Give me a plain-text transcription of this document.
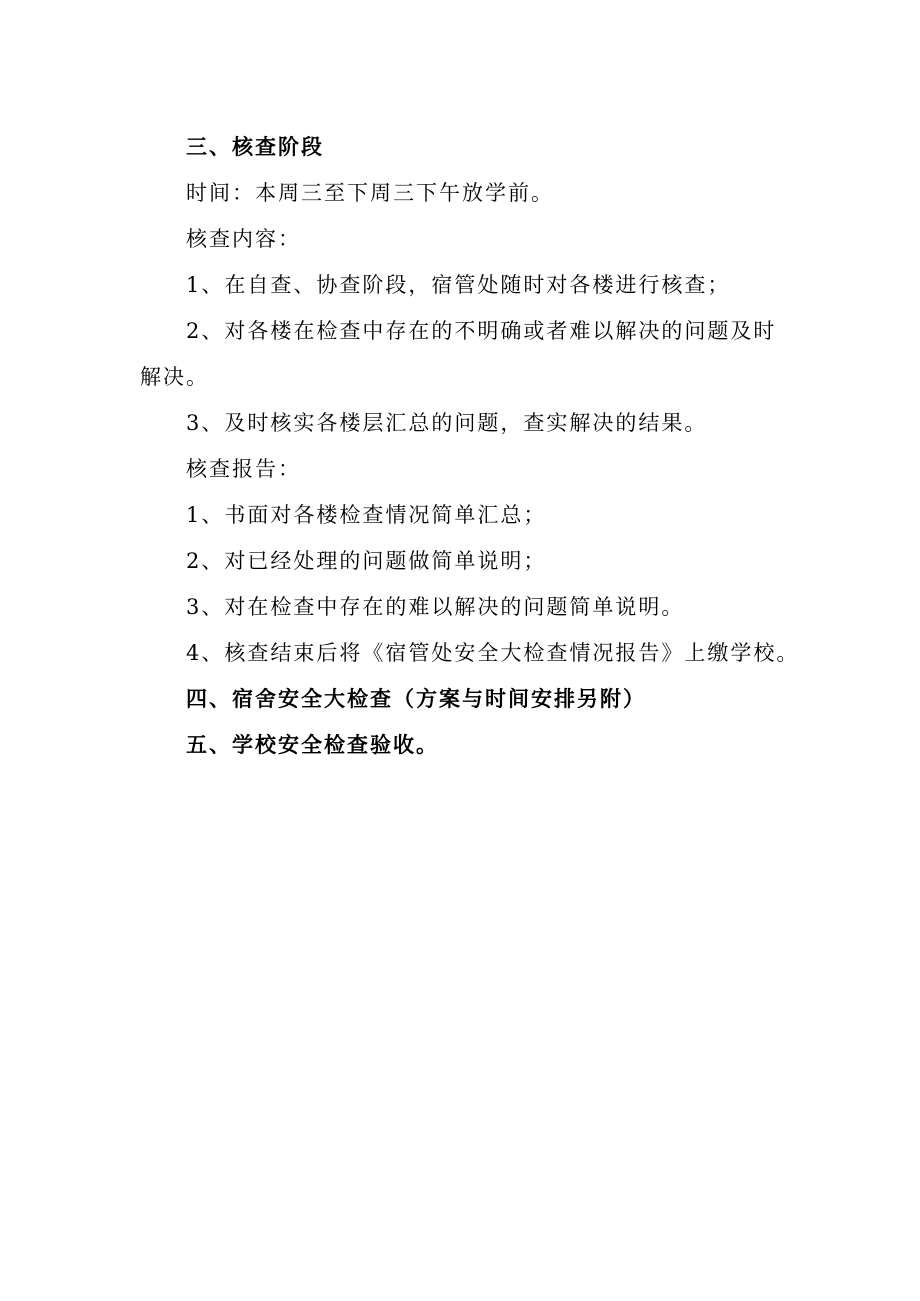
三、核查阶段
时间：本周三至下周三下午放学前。
核查内容：
1、在自查、协查阶段，宿管处随时对各楼进行核查；
2、对各楼在检查中存在的不明确或者难以解决的问题及时
解决。
3、及时核实各楼层汇总的问题，查实解决的结果。
核查报告：
1、书面对各楼检查情况简单汇总；
2、对已经处理的问题做简单说明；
3、对在检查中存在的难以解决的问题简单说明。
4、核查结束后将《宿管处安全大检查情况报告》上缴学校。
四、宿舍安全大检查（方案与时间安排另附）
五、学校安全检查验收。
